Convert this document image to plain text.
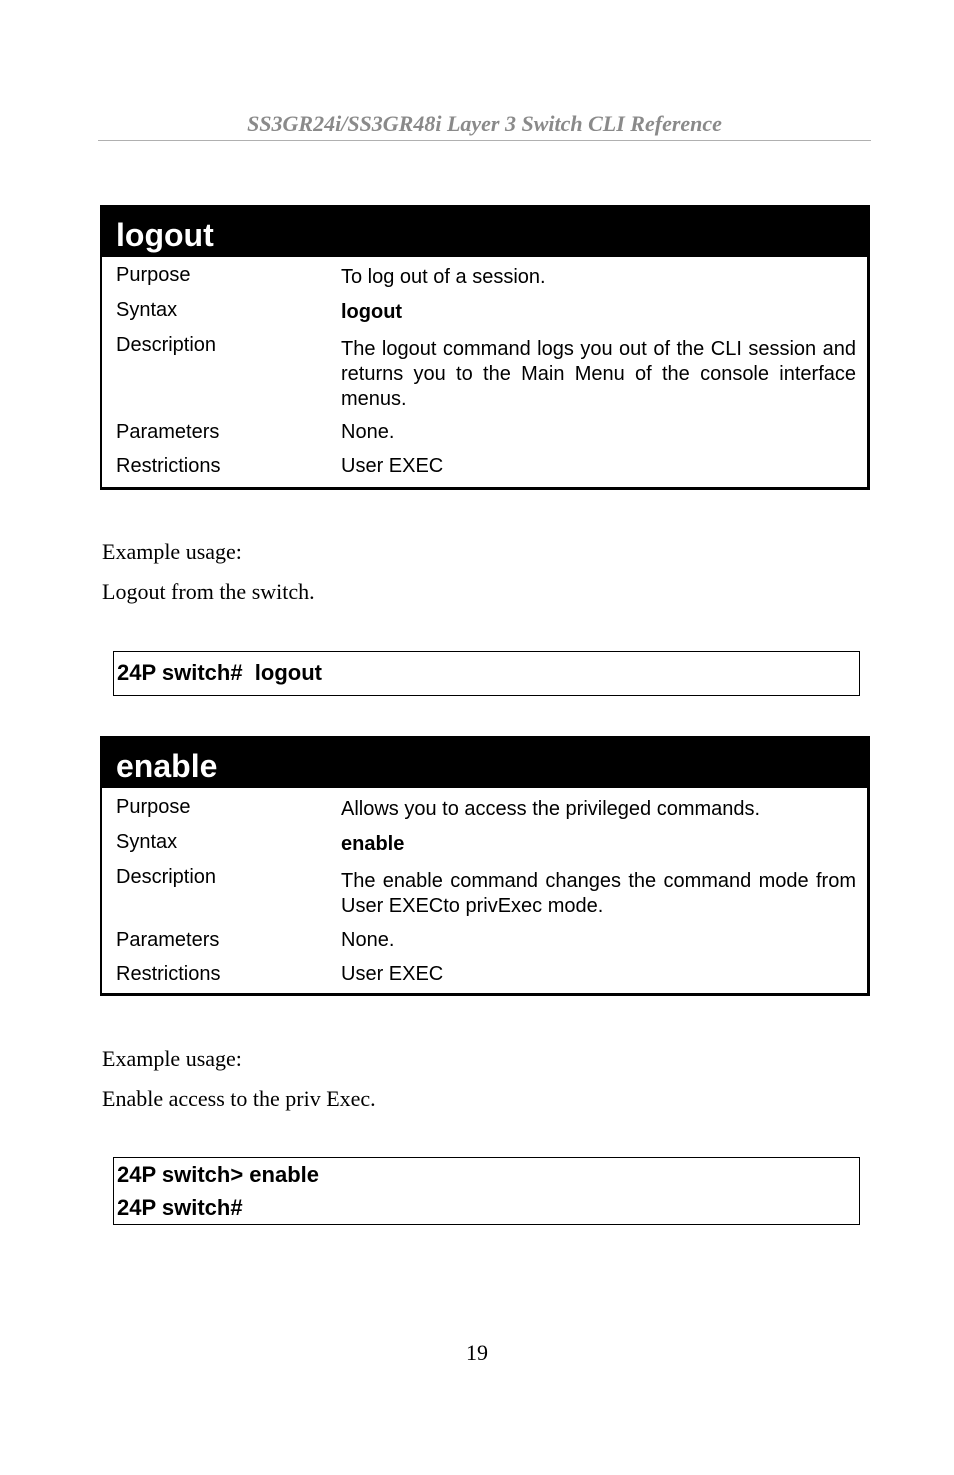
SS3GR24i/SS3GR48i Layer 3 Switch CLI Reference
logout
Purpose	To log out of a session.
Syntax	logout
Description	The logout command logs you out of the CLI session and returns you to the Main Menu of the console interface menus.
Parameters	None.
Restrictions	User EXEC
Example usage:
Logout from the switch.
24P switch#  logout
enable
Purpose	Allows you to access the privileged commands.
Syntax	enable
Description	The enable command changes the command mode from User EXECto privExec mode.
Parameters	None.
Restrictions	User EXEC
Example usage:
Enable access to the priv Exec.
24P switch> enable
24P switch#
19
